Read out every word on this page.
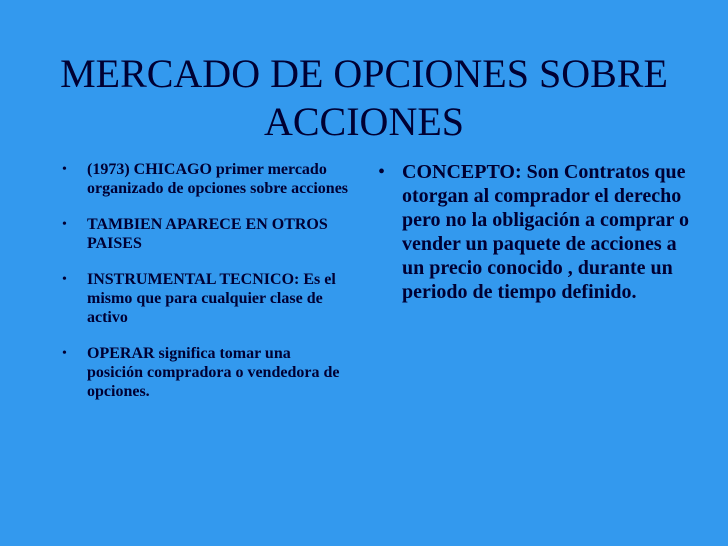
MERCADO DE OPCIONES SOBRE
ACCIONES
• (1973) CHICAGO primer mercado organizado de opciones sobre acciones
• TAMBIEN APARECE EN OTROS PAISES
• INSTRUMENTAL TECNICO: Es el mismo que para cualquier clase de activo
• OPERAR significa tomar una posición compradora o vendedora de opciones.
• CONCEPTO: Son Contratos que otorgan al comprador el derecho pero no la obligación a comprar o vender un paquete de acciones a un precio conocido , durante un periodo de tiempo definido.
